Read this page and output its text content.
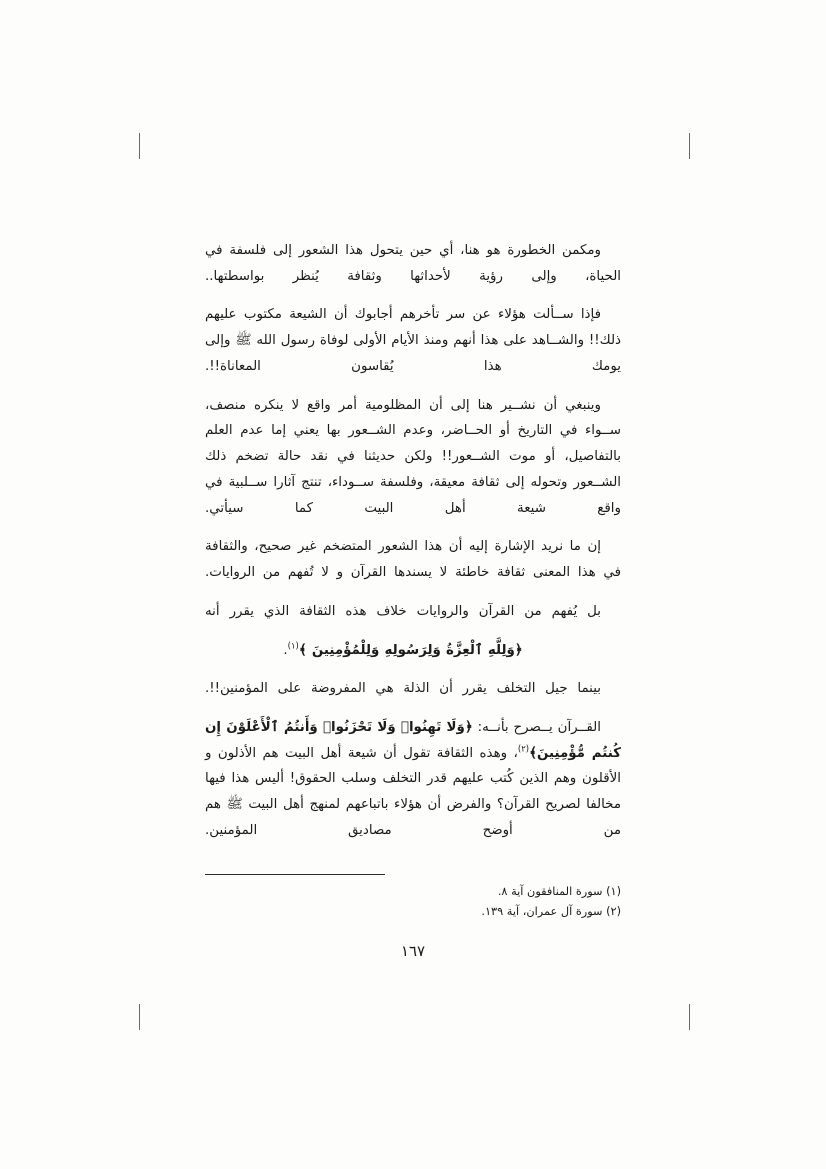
ومكمن الخطورة هو هنا، أي حين يتحول هذا الشعور إلى فلسفة في الحياة، وإلى رؤية لأحداثها وثقافة يُنظر بواسطتها..

فإذا ســألت هؤلاء عن سر تأخرهم أجابوك أن الشيعة مكتوب عليهم ذلك!! والشــاهد على هذا أنهم ومنذ الأيام الأولى لوفاة رسول الله ﷺ وإلى يومك هذا يُقاسون المعاناة!!.

وينبغي أن نشــير هنا إلى أن المظلومية أمر واقع لا ينكره منصف، ســواء في التاريخ أو الحــاضر، وعدم الشــعور بها يعني إما عدم العلم بالتفاصيل، أو موت الشــعور!! ولكن حديثنا في نقد حالة تضخم ذلك الشــعور وتحوله إلى ثقافة معيقة، وفلسفة ســوداء، تنتج آثارا ســلبية في واقع شيعة أهل البيت كما سيأتي.

إن ما نريد الإشارة إليه أن هذا الشعور المتضخم غير صحيح، والثقافة في هذا المعنى ثقافة خاطئة لا يسندها القرآن و لا تُفهم من الروايات.

بل يُفهم من القرآن والروايات خلاف هذه الثقافة الذي يقرر أنه

﴿وَلِلَّهِ ٱلْعِزَّةُ وَلِرَسُولِهِ وَلِلْمُؤْمِنِينَ ﴾$^{(١)}$.

بينما جيل التخلف يقرر أن الذلة هي المفروضة على المؤمنين!!.

القــرآن يــصرح بأنــه: ﴿وَلَا تَهِنُوا۟ وَلَا تَحْزَنُوا۟ وَأَنتُمُ ٱلْأَعْلَوْنَ إِن كُنتُم مُّؤْمِنِينَ﴾$^{(٢)}$، وهذه الثقافة تقول أن شيعة أهل البيت هم الأذلون و الأقلون وهم الذين كُتب عليهم قدر التخلف وسلب الحقوق! أليس هذا فيها مخالفا لصريح القرآن؟ والفرض أن هؤلاء باتباعهم لمنهج أهل البيت ﷺ هم من أوضح مصاديق المؤمنين.

(١) سورة المنافقون آية ٨.

(٢) سورة آل عمران، آية ١٣٩.

١٦٧
